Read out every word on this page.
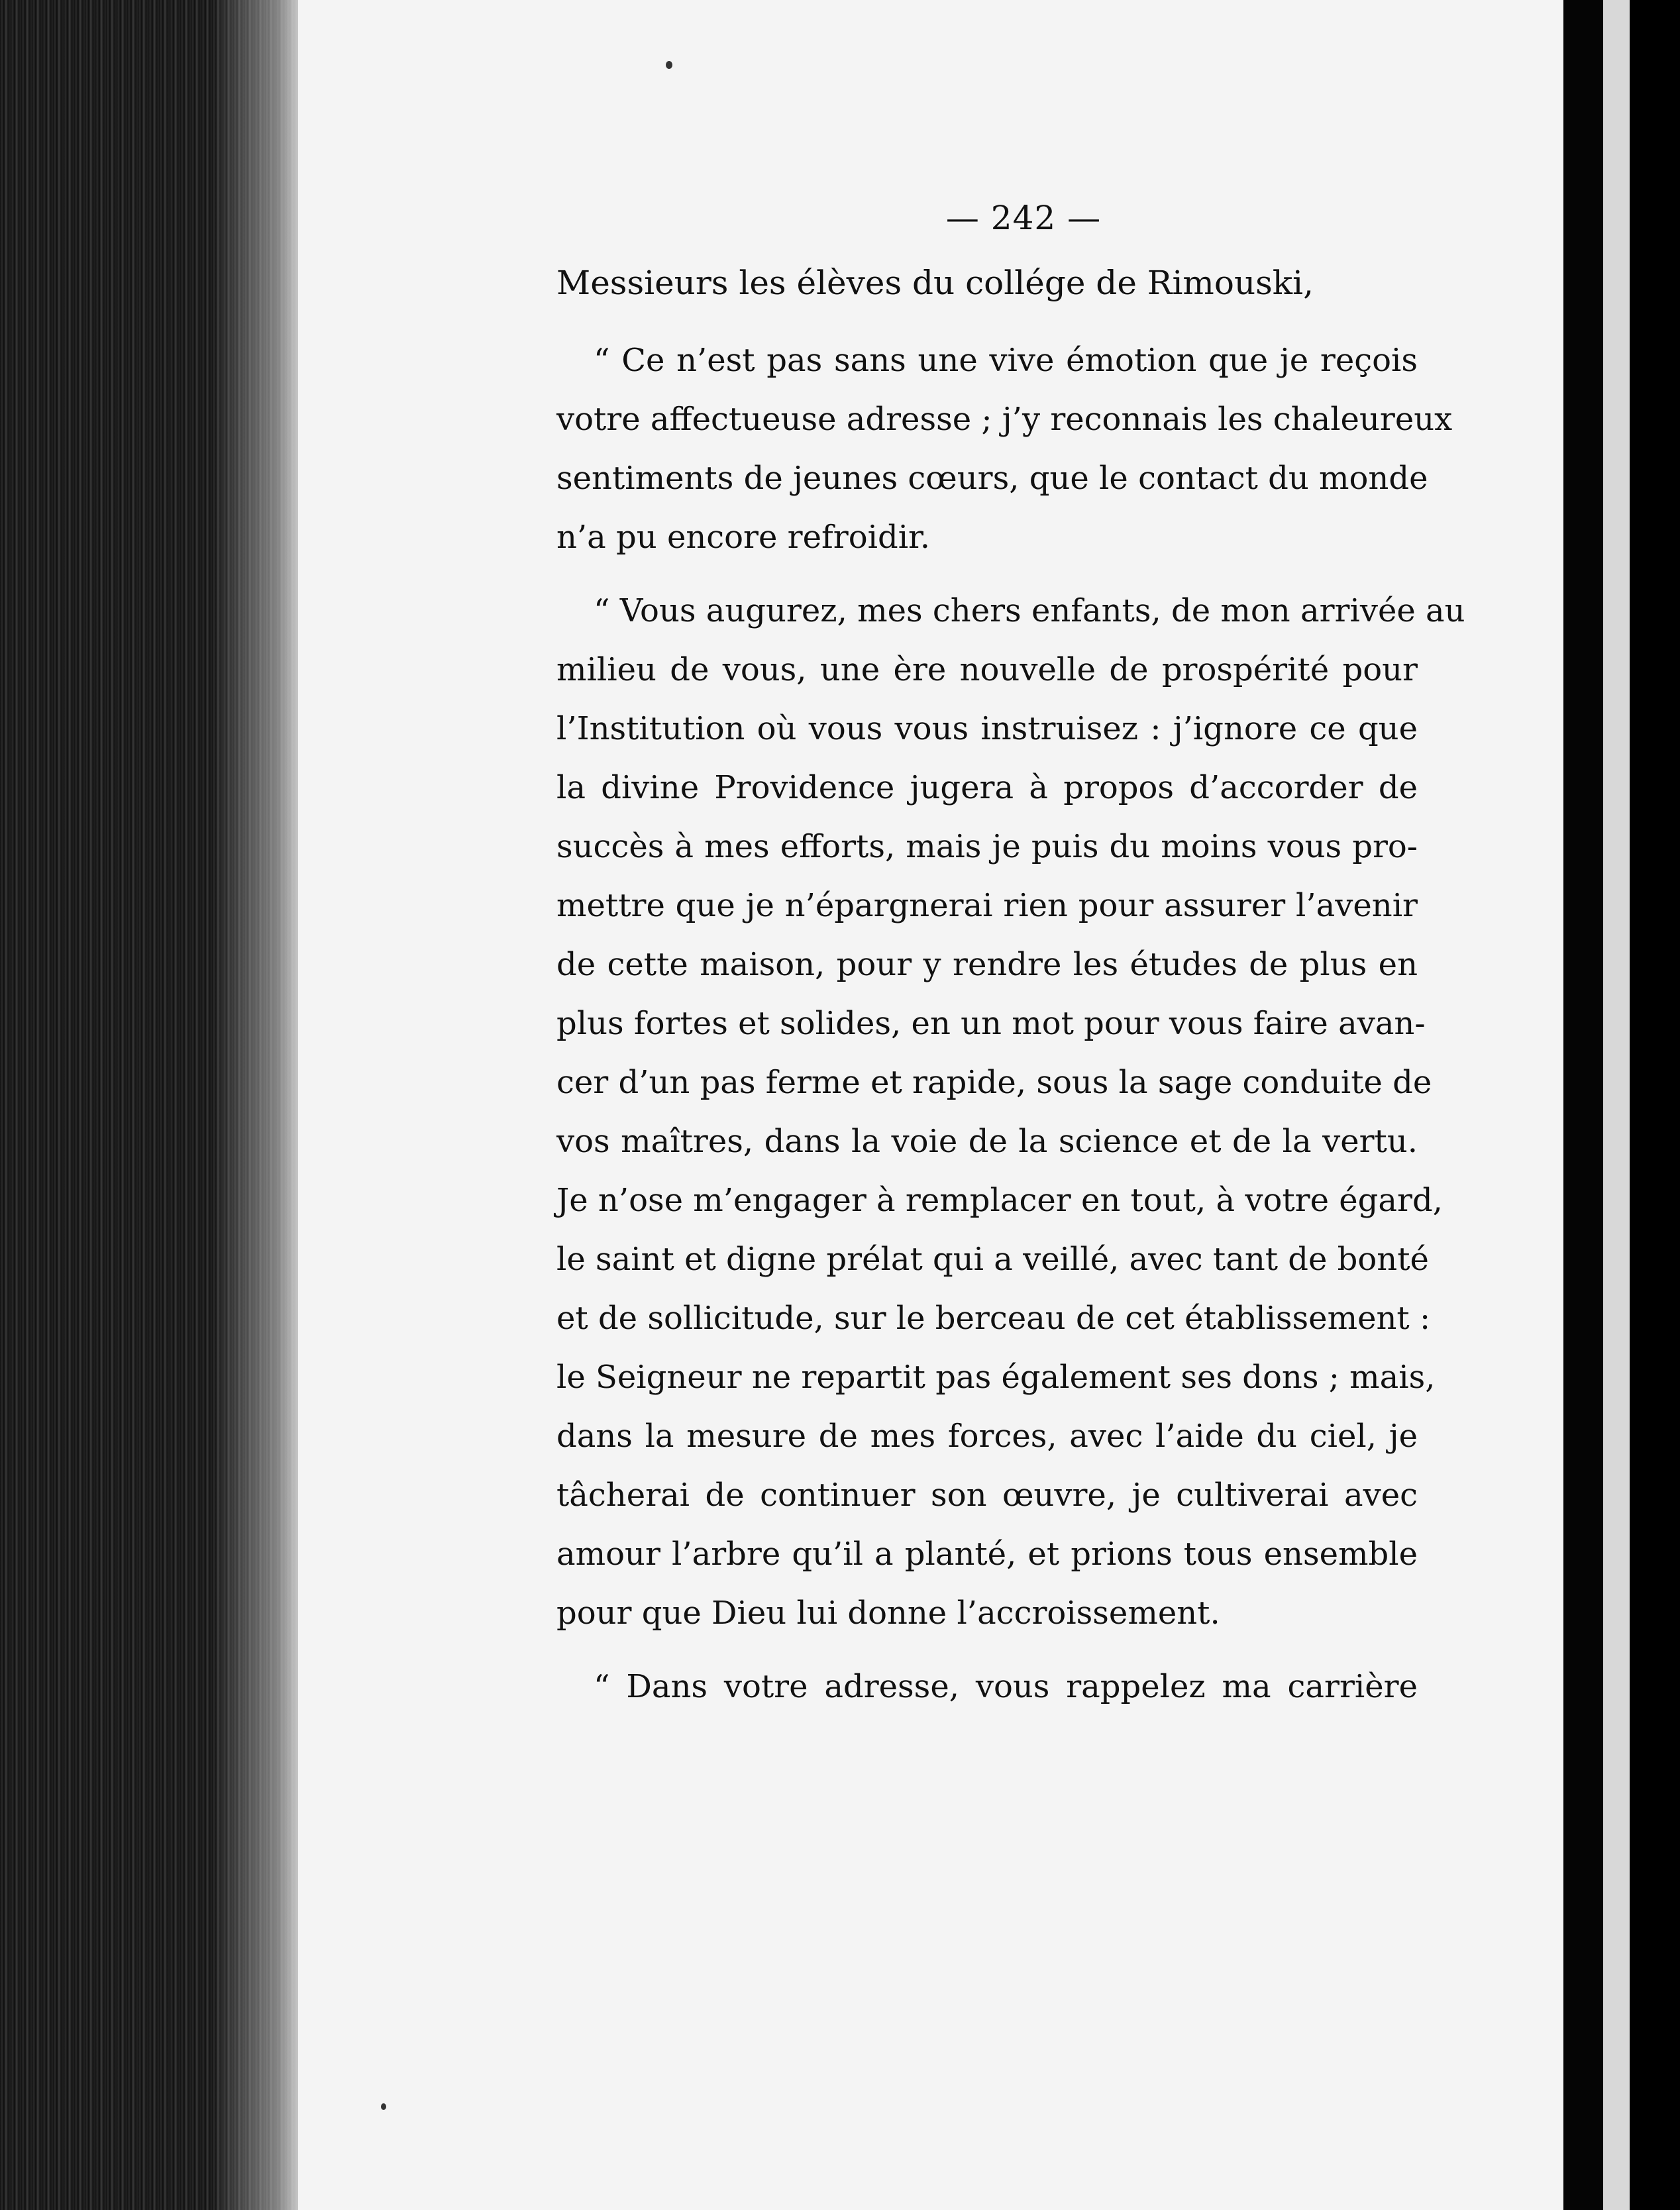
— 242 —
Messieurs les élèves du collége de Rimouski,
“ Ce n’est pas sans une vive émotion que je reçois
votre affectueuse adresse ; j’y reconnais les chaleureux
sentiments de jeunes cœurs, que le contact du monde
n’a pu encore refroidir.
“ Vous augurez, mes chers enfants, de mon arrivée au
milieu de vous, une ère nouvelle de prospérité pour
l’Institution où vous vous instruisez : j’ignore ce que
la divine Providence jugera à propos d’accorder de
succès à mes efforts, mais je puis du moins vous pro-
mettre que je n’épargnerai rien pour assurer l’avenir
de cette maison, pour y rendre les études de plus en
plus fortes et solides, en un mot pour vous faire avan-
cer d’un pas ferme et rapide, sous la sage conduite de
vos maîtres, dans la voie de la science et de la vertu.
Je n’ose m’engager à remplacer en tout, à votre égard,
le saint et digne prélat qui a veillé, avec tant de bonté
et de sollicitude, sur le berceau de cet établissement :
le Seigneur ne repartit pas également ses dons ; mais,
dans la mesure de mes forces, avec l’aide du ciel, je
tâcherai de continuer son œuvre, je cultiverai avec
amour l’arbre qu’il a planté, et prions tous ensemble
pour que Dieu lui donne l’accroissement.
“ Dans votre adresse, vous rappelez ma carrière
